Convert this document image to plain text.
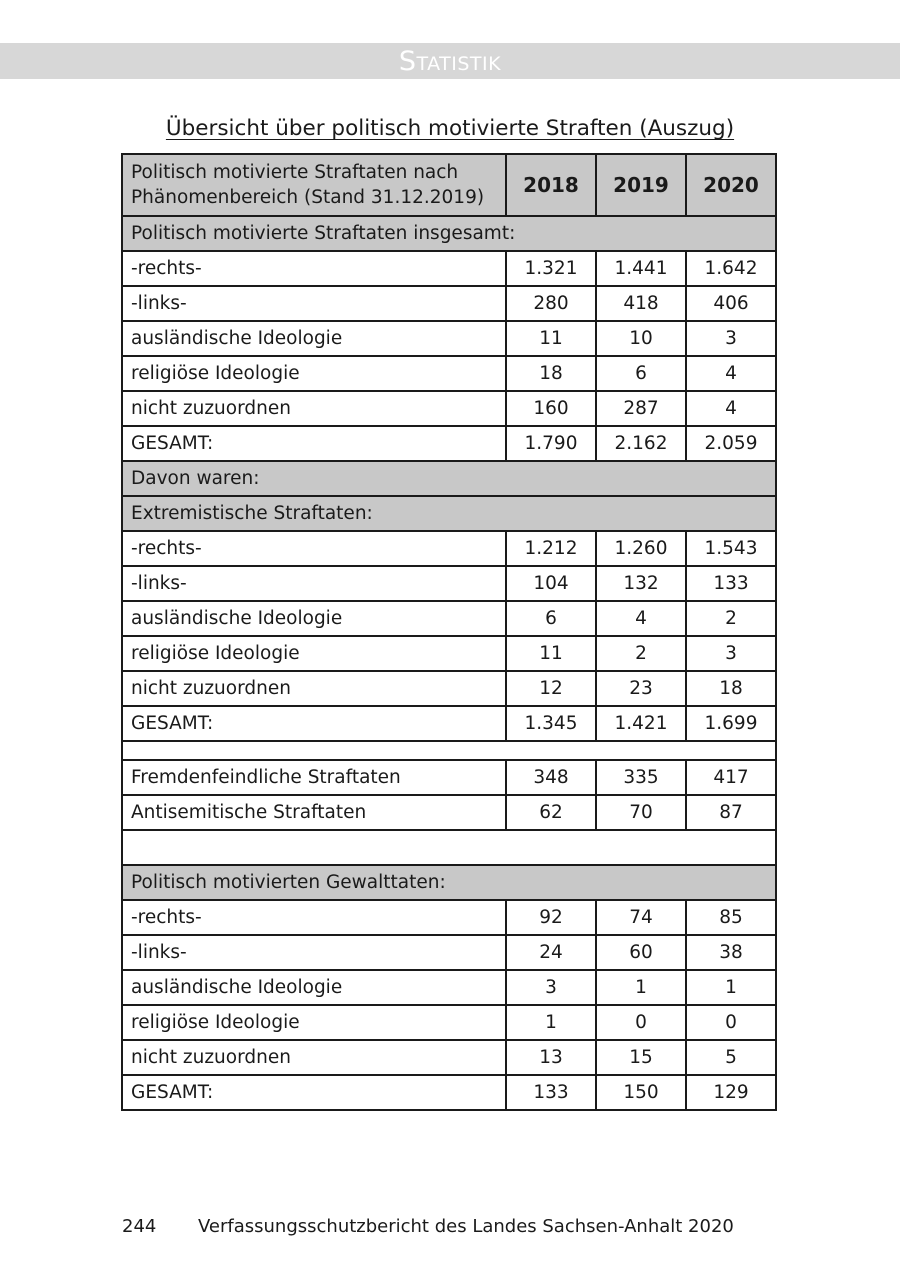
Statistik
Übersicht über politisch motivierte Straften (Auszug)
Politisch motivierte Straftaten nach Phänomenbereich (Stand 31.12.2019)	2018	2019	2020
Politisch motivierte Straftaten insgesamt:			
-rechts-	1.321	1.441	1.642
-links-	280	418	406
ausländische Ideologie	11	10	3
religiöse Ideologie	18	6	4
nicht zuzuordnen	160	287	4
GESAMT:	1.790	2.162	2.059
Davon waren:			
Extremistische Straftaten:			
-rechts-	1.212	1.260	1.543
-links-	104	132	133
ausländische Ideologie	6	4	2
religiöse Ideologie	11	2	3
nicht zuzuordnen	12	23	18
GESAMT:	1.345	1.421	1.699

Fremdenfeindliche Straftaten	348	335	417
Antisemitische Straftaten	62	70	87

Politisch motivierten Gewalttaten:			
-rechts-	92	74	85
-links-	24	60	38
ausländische Ideologie	3	1	1
religiöse Ideologie	1	0	0
nicht zuzuordnen	13	15	5
GESAMT:	133	150	129
244 Verfassungsschutzbericht des Landes Sachsen-Anhalt 2020
